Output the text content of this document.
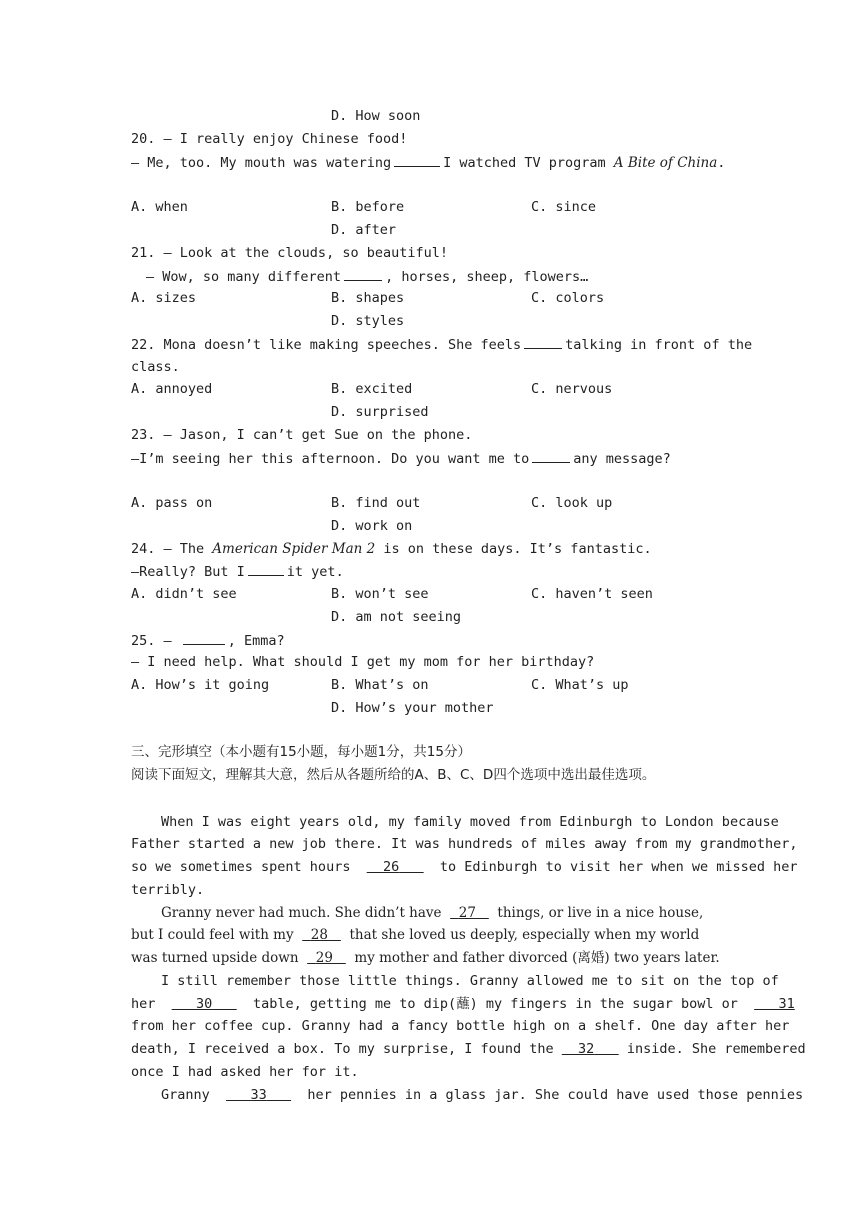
D. How soon
20. — I really enjoy Chinese food!
— Me, too. My mouth was watering	I watched TV program A Bite of China.
A. when	B. before	C. since
D. after
21. — Look at the clouds, so beautiful!
— Wow, so many different	, horses, sheep, flowers…
A. sizes	B. shapes	C. colors
D. styles
22. Mona doesn’t like making speeches. She feels	talking in front of the
class.
A. annoyed	B. excited	C. nervous
D. surprised
23. — Jason, I can’t get Sue on the phone.
—I’m seeing her this afternoon. Do you want me to	any message?
A. pass on	B. find out	C. look up
D. work on
24. — The American Spider Man 2 is on these days. It’s fantastic.
—Really? But I	it yet.
A. didn’t see	B. won’t see	C. haven’t seen
D. am not seeing
25. —	, Emma?
— I need help. What should I get my mom for her birthday?
A. How’s it going	B. What’s on	C. What’s up
D. How’s your mother
三、完形填空（本小题有15小题，每小题1分，共15分）
阅读下面短文，理解其大意，然后从各题所给的A、B、C、D四个选项中选出最佳选项。
When I was eight years old, my family moved from Edinburgh to London because
Father started a new job there. It was hundreds of miles away from my grandmother,
so we sometimes spent hours 26	to Edinburgh to visit her when we missed her
terribly.
Granny never had much. She didn’t have 27 things, or live in a nice house,
but I could feel with my 28 that she loved us deeply, especially when my world
was turned upside down 29 my mother and father divorced (离婚) two years later.
I still remember those little things. Granny allowed me to sit on the top of
her	30	table, getting me to dip(蘸) my fingers in the sugar bowl or	31
from her coffee cup. Granny had a fancy bottle high on a shelf. One day after her
death, I received a box. To my surprise, I found the 32 inside. She remembered
once I had asked her for it.
Granny	33	her pennies in a glass jar. She could have used those pennies
